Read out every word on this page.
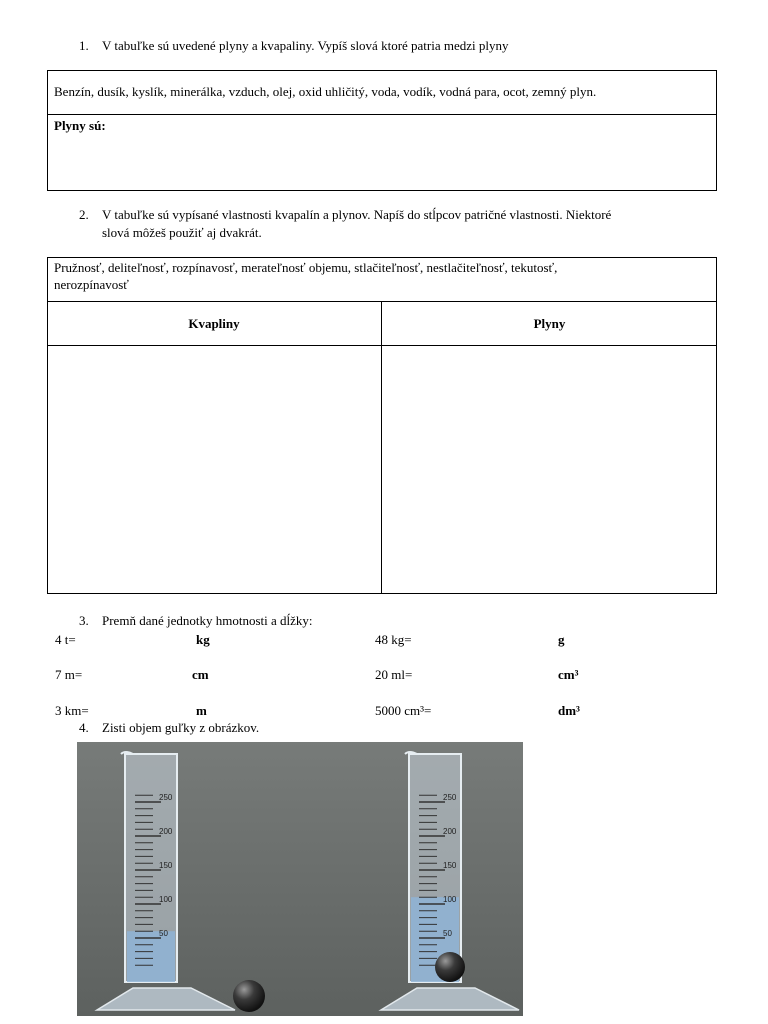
1. V tabuľke sú uvedené plyny a kvapaliny. Vypíš slová ktoré patria medzi plyny
Benzín, dusík, kyslík, minerálka, vzduch, olej, oxid uhličitý, voda, vodík, vodná para, ocot, zemný plyn.
Plyny sú:
2. V tabuľke sú vypísané vlastnosti kvapalín a plynov. Napíš do stĺpcov patričné vlastnosti. Niektoré
slová môžeš použiť aj dvakrát.
Pružnosť, deliteľnosť, rozpínavosť, merateľnosť objemu, stlačiteľnosť, nestlačiteľnosť, tekutosť,
nerozpínavosť
Kvapliny	Plyny
3. Premň dané jednotky hmotnosti a dĺžky:
4 t=	kg	48 kg=	g
7 m=	cm	20 ml=	cm³
3 km=	m	5000 cm³=	dm³
4. Zisti objem guľky z obrázkov.
250
200
150
100
50
250
200
150
100
50
